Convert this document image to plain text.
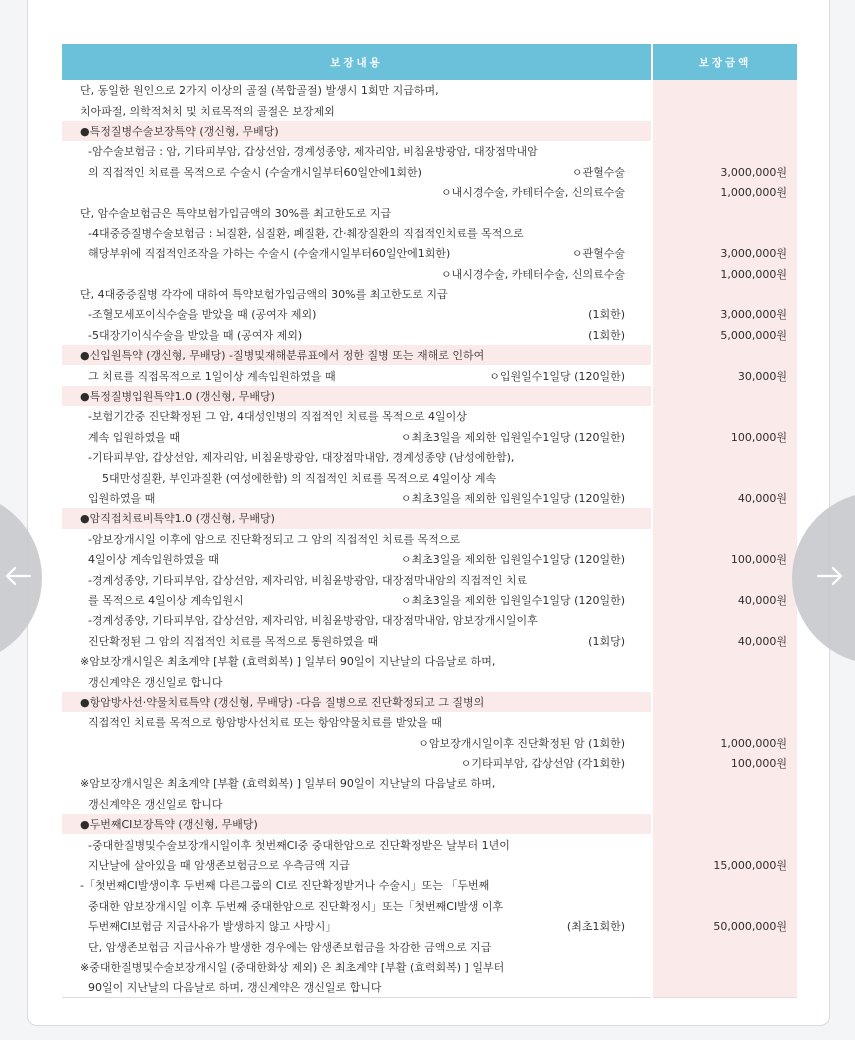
보장내용	보장금액
단, 동일한 원인으로 2가지 이상의 골절 (복합골절) 발생시 1회만 지급하며,	
치아파절, 의학적처치 및 치료목적의 골절은 보장제외	
●특정질병수술보장특약 (갱신형, 무배당)	
-암수술보험금 : 암, 기타피부암, 갑상선암, 경계성종양, 제자리암, 비침윤방광암, 대장점막내암	

의 직접적인 치료를 목적으로 수술시 (수술개시일부터60일안에1회한) ㅇ관혈수술	3,000,000원

ㅇ내시경수술, 카테터수술, 신의료수술	1,000,000원
단, 암수술보험금은 특약보험가입금액의 30%를 최고한도로 지급	
-4대중증질병수술보험금 : 뇌질환, 심질환, 폐질환, 간·췌장질환의 직접적인치료를 목적으로	

해당부위에 직접적인조작을 가하는 수술시 (수술개시일부터60일안에1회한) ㅇ관혈수술	3,000,000원

ㅇ내시경수술, 카테터수술, 신의료수술	1,000,000원
단, 4대중증질병 각각에 대하여 특약보험가입금액의 30%를 최고한도로 지급	

-조혈모세포이식수술을 받았을 때 (공여자 제외) (1회한)	3,000,000원

-5대장기이식수술을 받았을 때 (공여자 제외) (1회한)	5,000,000원
●신입원특약 (갱신형, 무배당) -질병및재해분류표에서 정한 질병 또는 재해로 인하여	

그 치료를 직접목적으로 1일이상 계속입원하였을 때 ㅇ입원일수1일당 (120일한)	30,000원
●특정질병입원특약1.0 (갱신형, 무배당)	
-보험기간중 진단확정된 그 암, 4대성인병의 직접적인 치료를 목적으로 4일이상	

계속 입원하였을 때 ㅇ최초3일을 제외한 입원일수1일당 (120일한)	100,000원
-기타피부암, 갑상선암, 제자리암, 비침윤방광암, 대장점막내암, 경계성종양 (남성에한함),	
5대만성질환, 부인과질환 (여성에한함) 의 직접적인 치료를 목적으로 4일이상 계속	

입원하였을 때 ㅇ최초3일을 제외한 입원일수1일당 (120일한)	40,000원
●암직접치료비특약1.0 (갱신형, 무배당)	
-암보장개시일 이후에 암으로 진단확정되고 그 암의 직접적인 치료를 목적으로	

4일이상 계속입원하였을 때 ㅇ최초3일을 제외한 입원일수1일당 (120일한)	100,000원
-경계성종양, 기타피부암, 갑상선암, 제자리암, 비침윤방광암, 대장점막내암의 직접적인 치료	

를 목적으로 4일이상 계속입원시 ㅇ최초3일을 제외한 입원일수1일당 (120일한)	40,000원
-경계성종양, 기타피부암, 갑상선암, 제자리암, 비침윤방광암, 대장점막내암, 암보장개시일이후	

진단확정된 그 암의 직접적인 치료를 목적으로 통원하였을 때 (1회당)	40,000원
※암보장개시일은 최초계약 [부활 (효력회복) ] 일부터 90일이 지난날의 다음날로 하며,	
갱신계약은 갱신일로 합니다	
●항암방사선·약물치료특약 (갱신형, 무배당) -다음 질병으로 진단확정되고 그 질병의	
직접적인 치료를 목적으로 항암방사선치료 또는 항암약물치료를 받았을 때	

ㅇ암보장개시일이후 진단확정된 암 (1회한)	1,000,000원

ㅇ기타피부암, 갑상선암 (각1회한)	100,000원
※암보장개시일은 최초계약 [부활 (효력회복) ] 일부터 90일이 지난날의 다음날로 하며,	
갱신계약은 갱신일로 합니다	
●두번째CI보장특약 (갱신형, 무배당)	
-중대한질병및수술보장개시일이후 첫번째CI중 중대한암으로 진단확정받은 날부터 1년이	
지난날에 살아있을 때 암생존보험금으로 우측금액 지급	15,000,000원
-「첫번째CI발생이후 두번째 다른그룹의 CI로 진단확정받거나 수술시」또는 「두번째	
중대한 암보장개시일 이후 두번째 중대한암으로 진단확정시」또는「첫번째CI발생 이후	

두번째CI보험금 지급사유가 발생하지 않고 사망시」 (최초1회한)	50,000,000원
단, 암생존보험금 지급사유가 발생한 경우에는 암생존보험금을 차감한 금액으로 지급	
※중대한질병및수술보장개시일 (중대한화상 제외) 은 최초계약 [부활 (효력회복) ] 일부터	
90일이 지난날의 다음날로 하며, 갱신계약은 갱신일로 합니다	
